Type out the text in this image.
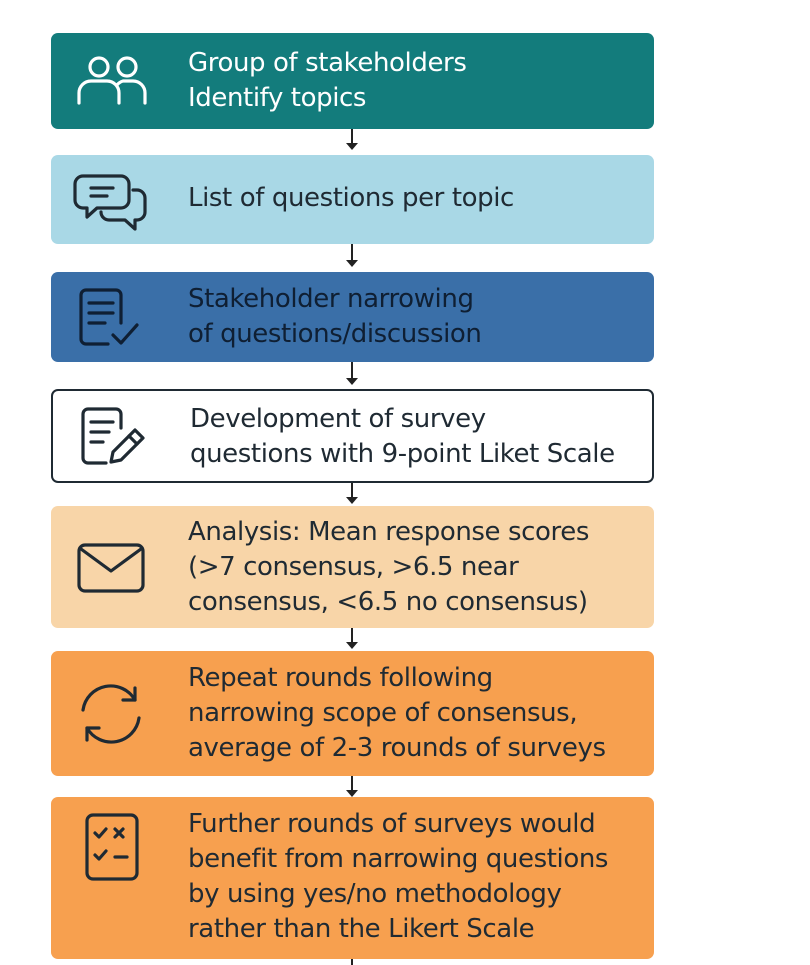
Group of stakeholders
Identify topics
List of questions per topic
Stakeholder narrowing
of questions/discussion
Development of survey
questions with 9-point Liket Scale
Analysis: Mean response scores
(>7 consensus, >6.5 near
consensus, <6.5 no consensus)
Repeat rounds following
narrowing scope of consensus,
average of 2-3 rounds of surveys
Further rounds of surveys would
benefit from narrowing questions
by using yes/no methodology
rather than the Likert Scale
